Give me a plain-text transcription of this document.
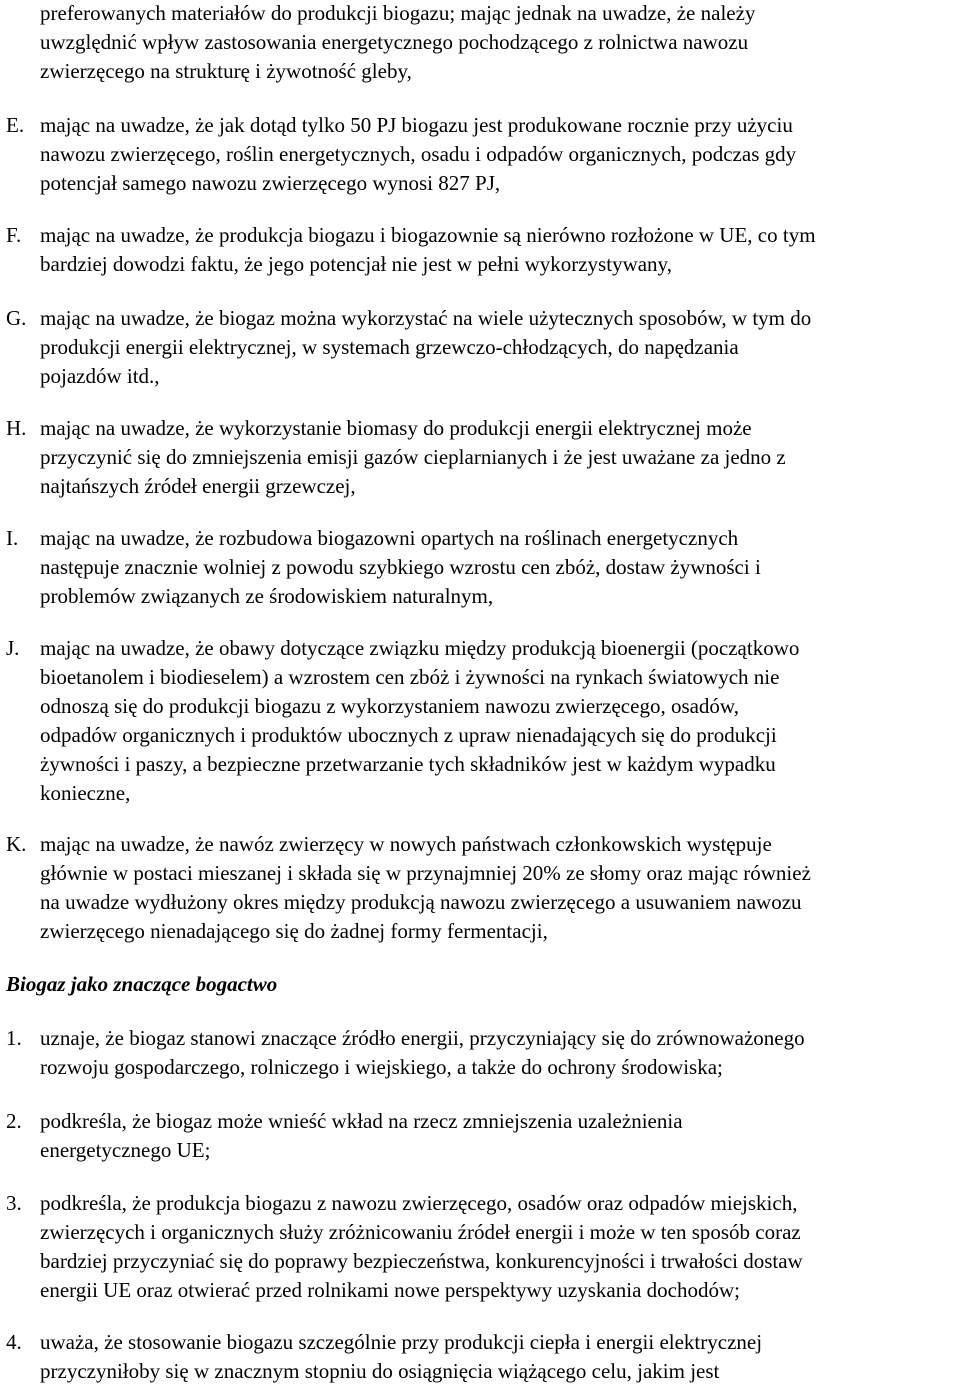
preferowanych materiałów do produkcji biogazu; mając jednak na uwadze, że należy
uwzględnić wpływ zastosowania energetycznego pochodzącego z rolnictwa nawozu
zwierzęcego na strukturę i żywotność gleby,
E. mając na uwadze, że jak dotąd tylko 50 PJ biogazu jest produkowane rocznie przy użyciu
nawozu zwierzęcego, roślin energetycznych, osadu i odpadów organicznych, podczas gdy
potencjał samego nawozu zwierzęcego wynosi 827 PJ,
F. mając na uwadze, że produkcja biogazu i biogazownie są nierówno rozłożone w UE, co tym
bardziej dowodzi faktu, że jego potencjał nie jest w pełni wykorzystywany,
G. mając na uwadze, że biogaz można wykorzystać na wiele użytecznych sposobów, w tym do
produkcji energii elektrycznej, w systemach grzewczo-chłodzących, do napędzania
pojazdów itd.,
H. mając na uwadze, że wykorzystanie biomasy do produkcji energii elektrycznej może
przyczynić się do zmniejszenia emisji gazów cieplarnianych i że jest uważane za jedno z
najtańszych źródeł energii grzewczej,
I. mając na uwadze, że rozbudowa biogazowni opartych na roślinach energetycznych
następuje znacznie wolniej z powodu szybkiego wzrostu cen zbóż, dostaw żywności i
problemów związanych ze środowiskiem naturalnym,
J. mając na uwadze, że obawy dotyczące związku między produkcją bioenergii (początkowo
bioetanolem i biodieselem) a wzrostem cen zbóż i żywności na rynkach światowych nie
odnoszą się do produkcji biogazu z wykorzystaniem nawozu zwierzęcego, osadów,
odpadów organicznych i produktów ubocznych z upraw nienadających się do produkcji
żywności i paszy, a bezpieczne przetwarzanie tych składników jest w każdym wypadku
konieczne,
K. mając na uwadze, że nawóz zwierzęcy w nowych państwach członkowskich występuje
głównie w postaci mieszanej i składa się w przynajmniej 20% ze słomy oraz mając również
na uwadze wydłużony okres między produkcją nawozu zwierzęcego a usuwaniem nawozu
zwierzęcego nienadającego się do żadnej formy fermentacji,
Biogaz jako znaczące bogactwo
1. uznaje, że biogaz stanowi znaczące źródło energii, przyczyniający się do zrównoważonego
rozwoju gospodarczego, rolniczego i wiejskiego, a także do ochrony środowiska;
2. podkreśla, że biogaz może wnieść wkład na rzecz zmniejszenia uzależnienia
energetycznego UE;
3. podkreśla, że produkcja biogazu z nawozu zwierzęcego, osadów oraz odpadów miejskich,
zwierzęcych i organicznych służy zróżnicowaniu źródeł energii i może w ten sposób coraz
bardziej przyczyniać się do poprawy bezpieczeństwa, konkurencyjności i trwałości dostaw
energii UE oraz otwierać przed rolnikami nowe perspektywy uzyskania dochodów;
4. uważa, że stosowanie biogazu szczególnie przy produkcji ciepła i energii elektrycznej
przyczyniłoby się w znacznym stopniu do osiągnięcia wiążącego celu, jakim jest
